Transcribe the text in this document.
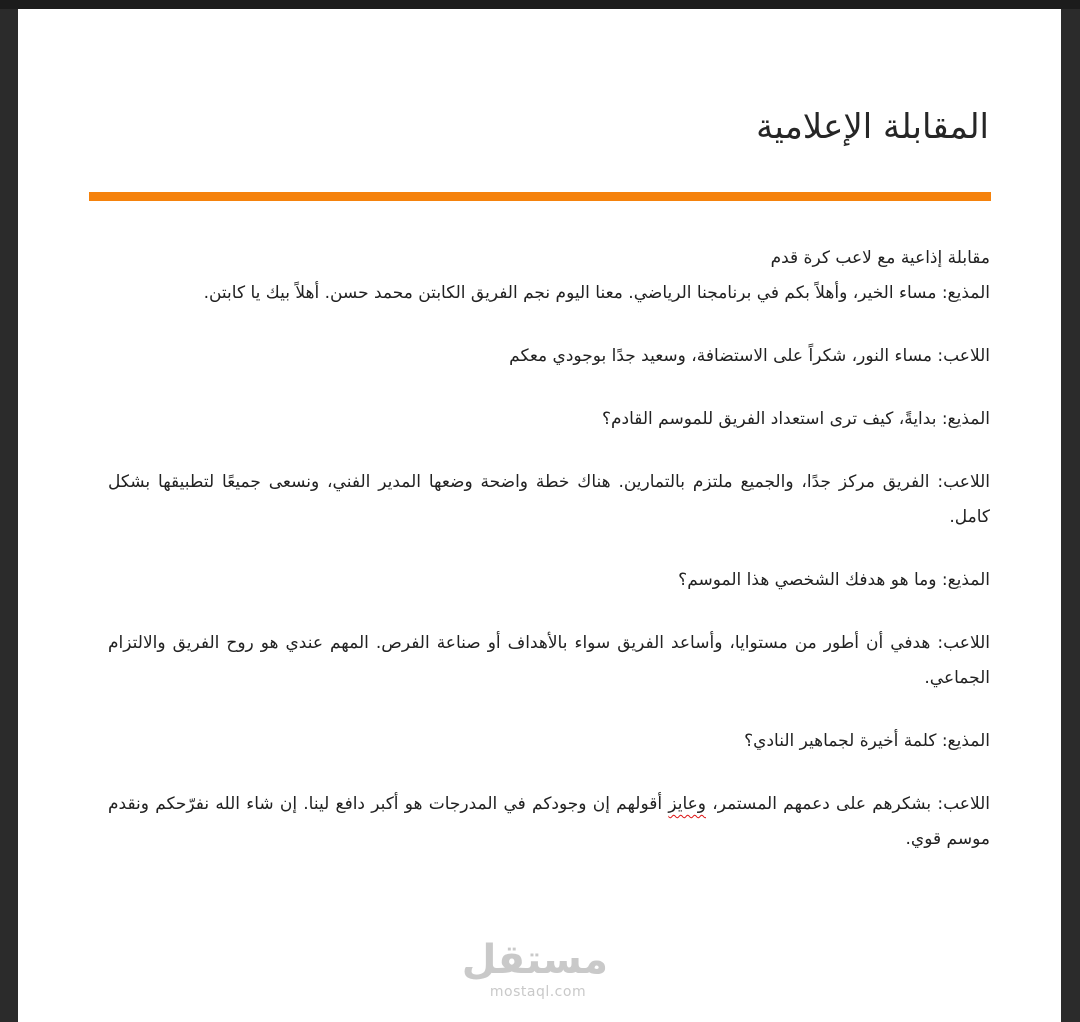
المقابلة الإعلامية

مقابلة إذاعية مع لاعب كرة قدم

المذيع: مساء الخير، وأهلاً بكم في برنامجنا الرياضي. معنا اليوم نجم الفريق الكابتن محمد حسن. أهلاً بيك يا كابتن.

اللاعب: مساء النور، شكراً على الاستضافة، وسعيد جدًا بوجودي معكم

المذيع: بدايةً، كيف ترى استعداد الفريق للموسم القادم؟

اللاعب: الفريق مركز جدًا، والجميع ملتزم بالتمارين. هناك خطة واضحة وضعها المدير الفني، ونسعى جميعًا لتطبيقها بشكل كامل.

المذيع: وما هو هدفك الشخصي هذا الموسم؟

اللاعب: هدفي أن أطور من مستوايا، وأساعد الفريق سواء بالأهداف أو صناعة الفرص. المهم عندي هو روح الفريق والالتزام الجماعي.

المذيع: كلمة أخيرة لجماهير النادي؟

اللاعب: بشكرهم على دعمهم المستمر، وعايز أقولهم إن وجودكم في المدرجات هو أكبر دافع لينا. إن شاء الله نفرّحكم ونقدم موسم قوي.

مستقل
mostaql.com
